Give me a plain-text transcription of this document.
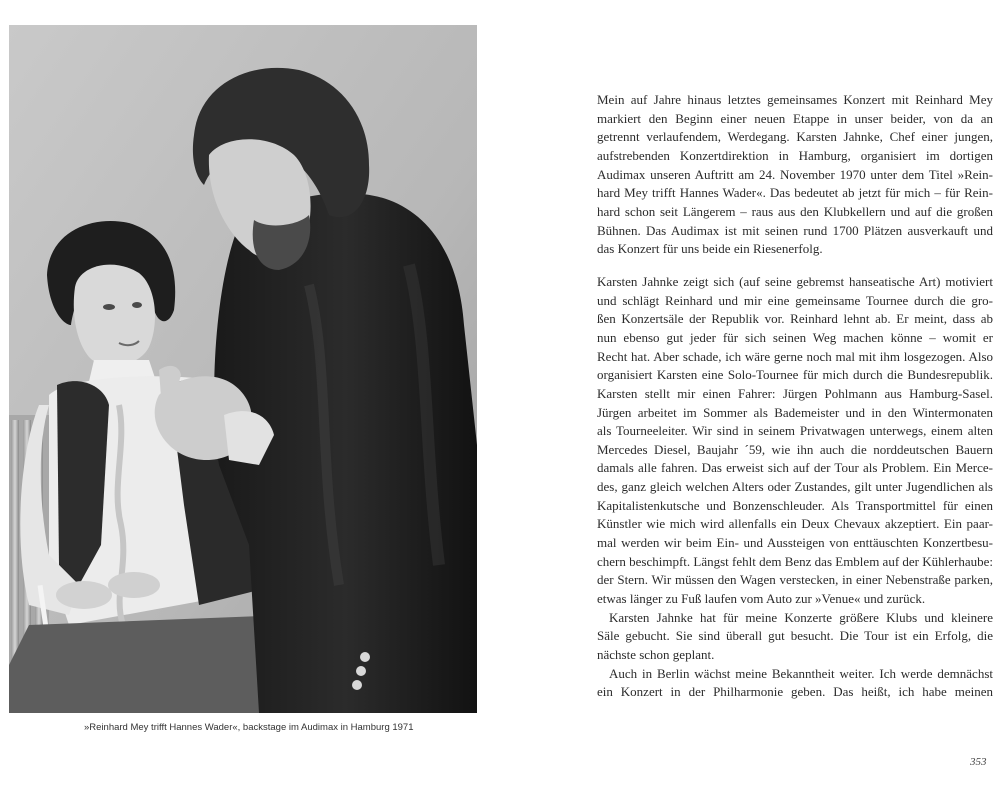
»Reinhard Mey trifft Hannes Wader«, backstage im Audimax in Hamburg 1971

Mein auf Jahre hinaus letztes gemeinsames Konzert mit Reinhard Mey
markiert den Beginn einer neuen Etappe in unser beider, von da an
getrennt verlaufendem, Werdegang. Karsten Jahnke, Chef einer jungen,
aufstrebenden Konzertdirektion in Hamburg, organisiert im dortigen
Audimax unseren Auftritt am 24. November 1970 unter dem Titel »Rein-
hard Mey trifft Hannes Wader«. Das bedeutet ab jetzt für mich – für Rein-
hard schon seit Längerem – raus aus den Klubkellern und auf die großen
Bühnen. Das Audimax ist mit seinen rund 1700 Plätzen ausverkauft und
das Konzert für uns beide ein Riesenerfolg.

Karsten Jahnke zeigt sich (auf seine gebremst hanseatische Art) motiviert
und schlägt Reinhard und mir eine gemeinsame Tournee durch die gro-
ßen Konzertsäle der Republik vor. Reinhard lehnt ab. Er meint, dass ab
nun ebenso gut jeder für sich seinen Weg machen könne – womit er
Recht hat. Aber schade, ich wäre gerne noch mal mit ihm losgezogen. Also
organisiert Karsten eine Solo-Tournee für mich durch die Bundesrepublik.
Karsten stellt mir einen Fahrer: Jürgen Pohlmann aus Hamburg-Sasel.
Jürgen arbeitet im Sommer als Bademeister und in den Wintermonaten
als Tourneeleiter. Wir sind in seinem Privatwagen unterwegs, einem alten
Mercedes Diesel, Baujahr ´59, wie ihn auch die norddeutschen Bauern
damals alle fahren. Das erweist sich auf der Tour als Problem. Ein Merce-
des, ganz gleich welchen Alters oder Zustandes, gilt unter Jugendlichen als
Kapitalistenkutsche und Bonzenschleuder. Als Transportmittel für einen
Künstler wie mich wird allenfalls ein Deux Chevaux akzeptiert. Ein paar-
mal werden wir beim Ein- und Aussteigen von enttäuschten Konzertbesu-
chern beschimpft. Längst fehlt dem Benz das Emblem auf der Kühlerhaube:
der Stern. Wir müssen den Wagen verstecken, in einer Nebenstraße parken,
etwas länger zu Fuß laufen vom Auto zur »Venue« und zurück.

Karsten Jahnke hat für meine Konzerte größere Klubs und kleinere
Säle gebucht. Sie sind überall gut besucht. Die Tour ist ein Erfolg, die
nächste schon geplant.

Auch in Berlin wächst meine Bekanntheit weiter. Ich werde demnächst
ein Konzert in der Philharmonie geben. Das heißt, ich habe meinen

353
